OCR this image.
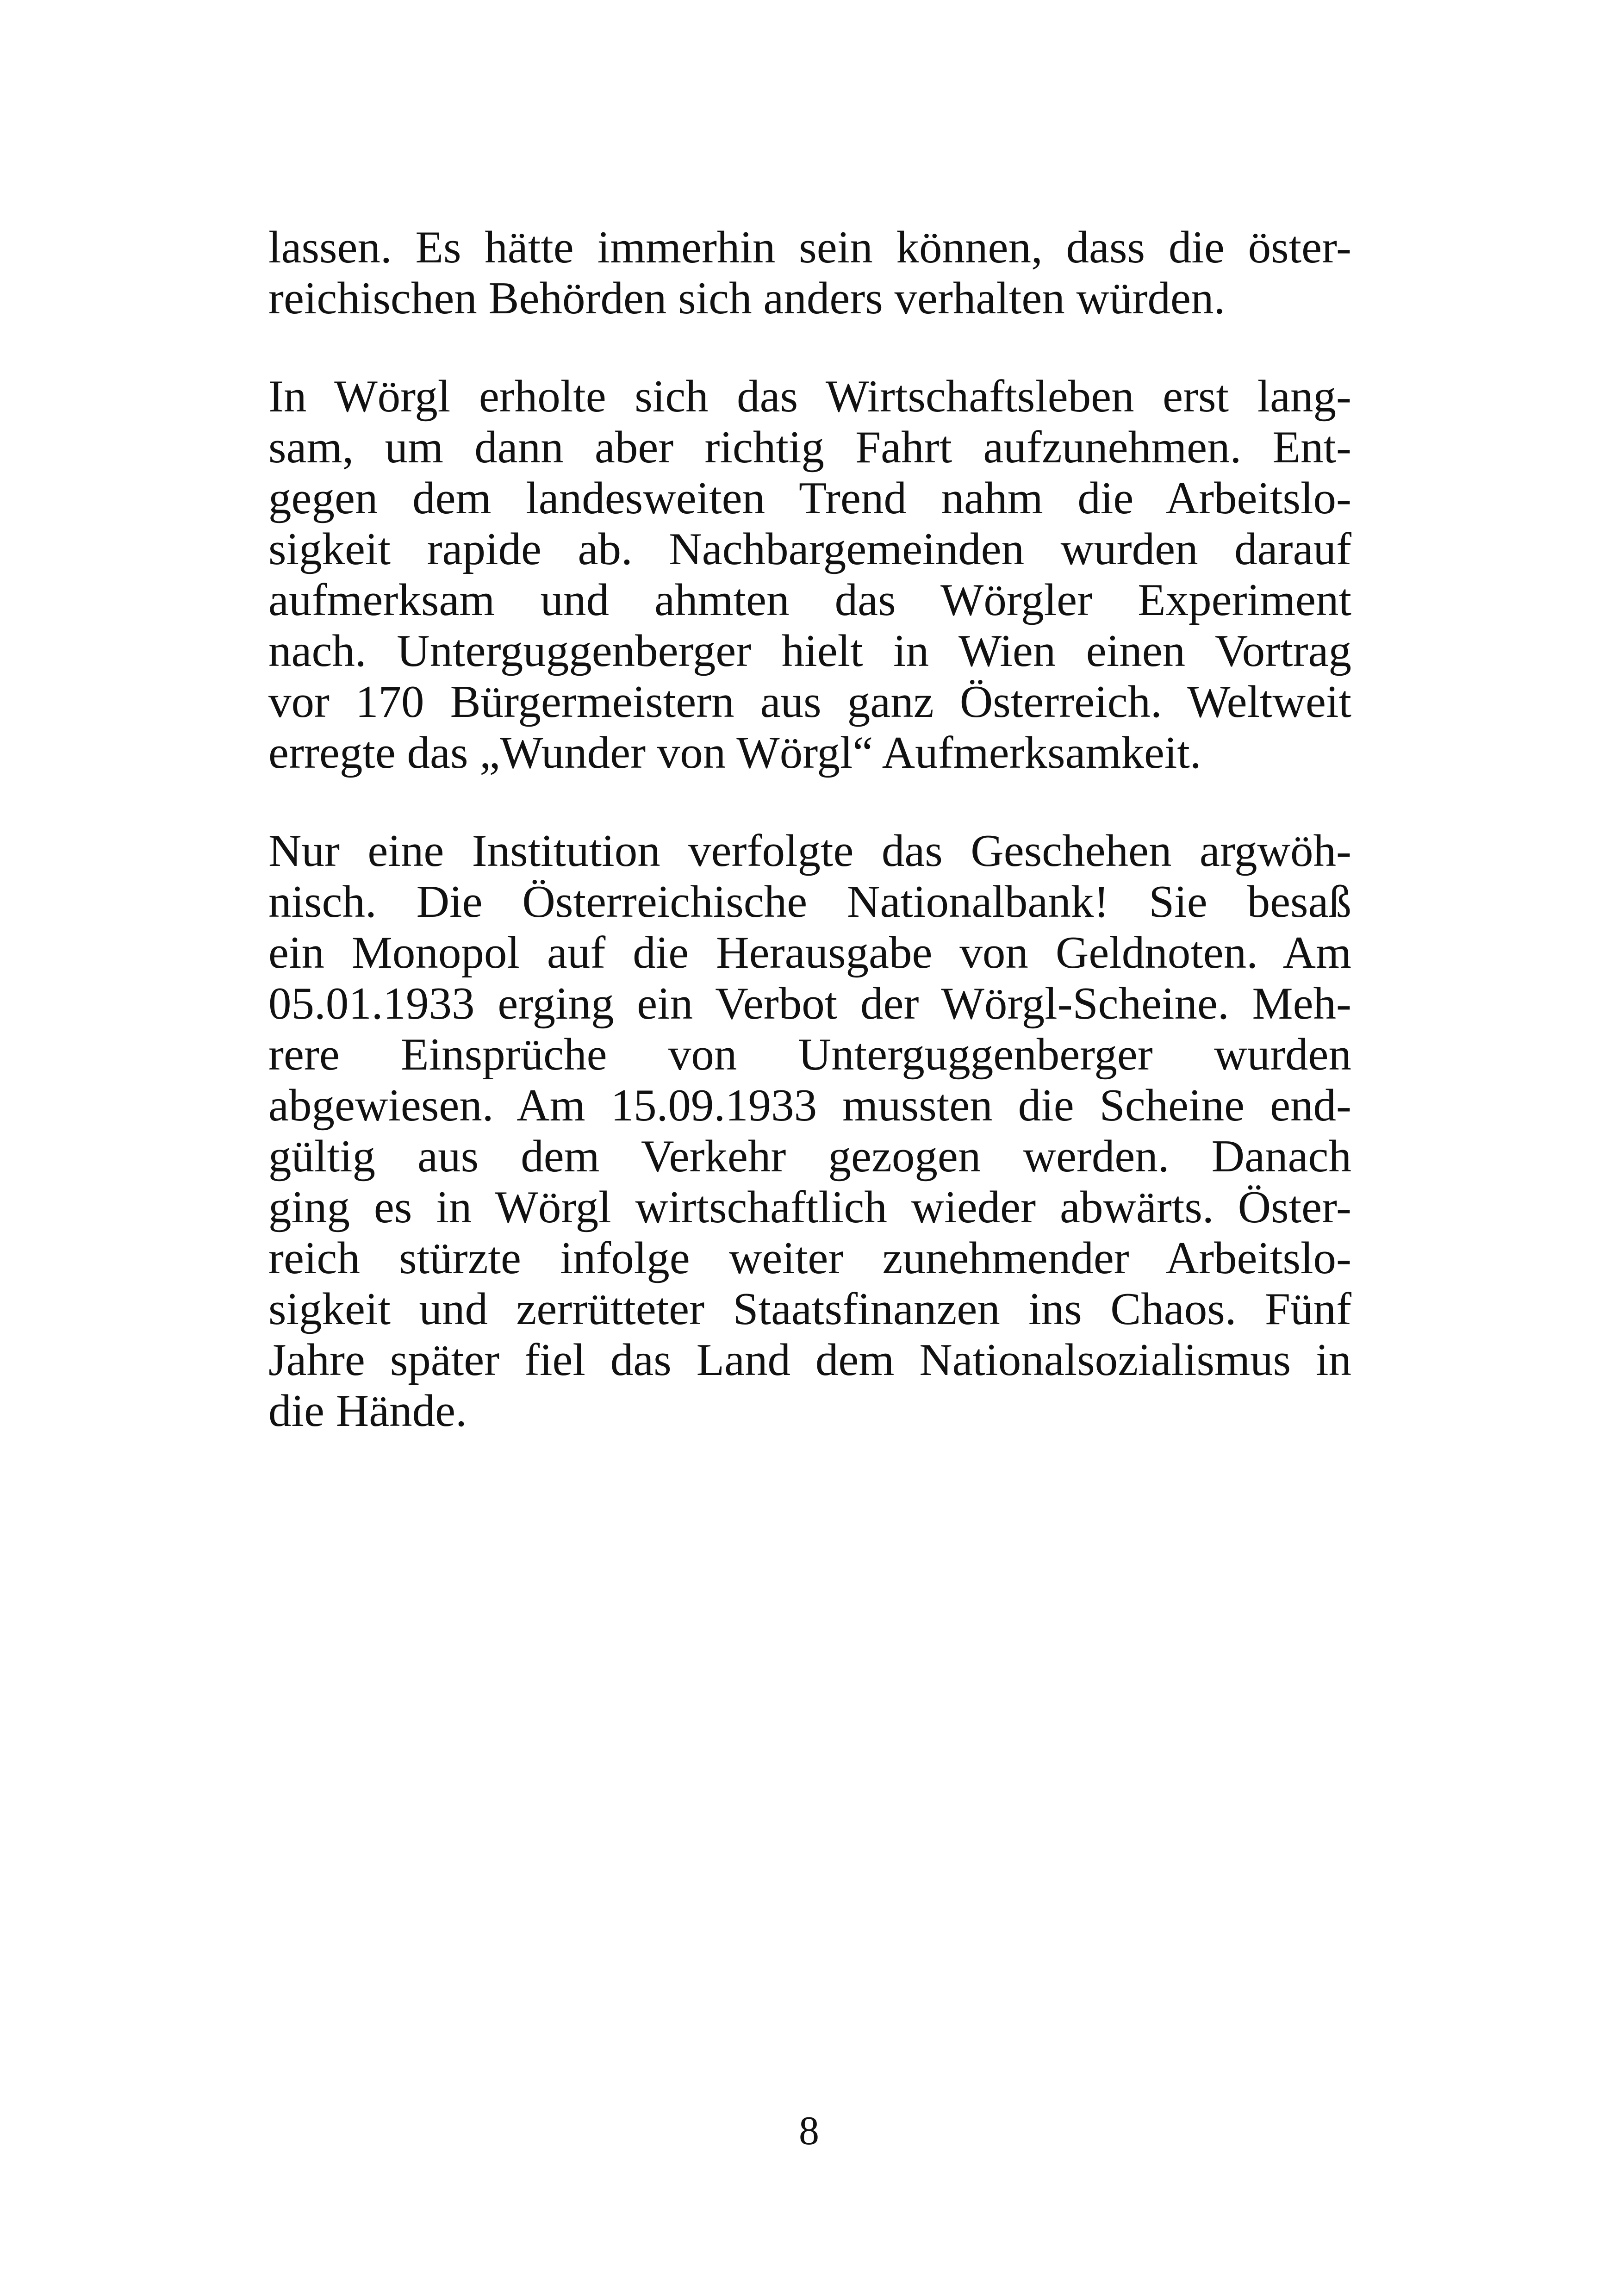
lassen. Es hätte immerhin sein können, dass die öster-
reichischen Behörden sich anders verhalten würden.

In Wörgl erholte sich das Wirtschaftsleben erst lang-
sam, um dann aber richtig Fahrt aufzunehmen. Ent-
gegen dem landesweiten Trend nahm die Arbeitslo-
sigkeit rapide ab. Nachbargemeinden wurden darauf
aufmerksam und ahmten das Wörgler Experiment
nach. Unterguggenberger hielt in Wien einen Vortrag
vor 170 Bürgermeistern aus ganz Österreich. Weltweit
erregte das „Wunder von Wörgl“ Aufmerksamkeit.

Nur eine Institution verfolgte das Geschehen argwöh-
nisch. Die Österreichische Nationalbank! Sie besaß
ein Monopol auf die Herausgabe von Geldnoten. Am
05.01.1933 erging ein Verbot der Wörgl-Scheine. Meh-
rere Einsprüche von Unterguggenberger wurden
abgewiesen. Am 15.09.1933 mussten die Scheine end-
gültig aus dem Verkehr gezogen werden. Danach
ging es in Wörgl wirtschaftlich wieder abwärts. Öster-
reich stürzte infolge weiter zunehmender Arbeitslo-
sigkeit und zerrütteter Staatsfinanzen ins Chaos. Fünf
Jahre später fiel das Land dem Nationalsozialismus in
die Hände.

8
